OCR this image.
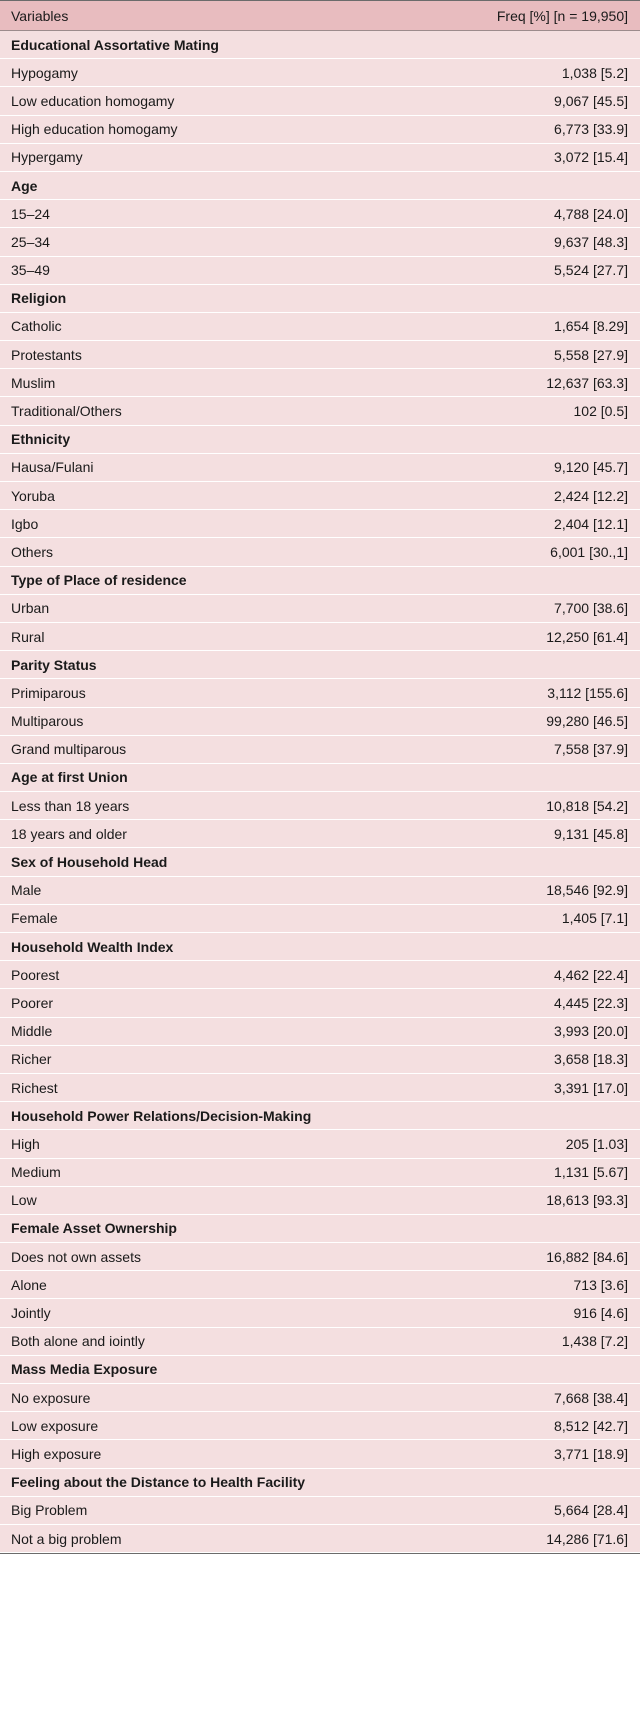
Variables	Freq [%] [n = 19,950]
Educational Assortative Mating
Hypogamy	1,038 [5.2]
Low education homogamy	9,067 [45.5]
High education homogamy	6,773 [33.9]
Hypergamy	3,072 [15.4]
Age
15–24	4,788 [24.0]
25–34	9,637 [48.3]
35–49	5,524 [27.7]
Religion
Catholic	1,654 [8.29]
Protestants	5,558 [27.9]
Muslim	12,637 [63.3]
Traditional/Others	102 [0.5]
Ethnicity
Hausa/Fulani	9,120 [45.7]
Yoruba	2,424 [12.2]
Igbo	2,404 [12.1]
Others	6,001 [30.,1]
Type of Place of residence
Urban	7,700 [38.6]
Rural	12,250 [61.4]
Parity Status
Primiparous	3,112 [155.6]
Multiparous	99,280 [46.5]
Grand multiparous	7,558 [37.9]
Age at first Union
Less than 18 years	10,818 [54.2]
18 years and older	9,131 [45.8]
Sex of Household Head
Male	18,546 [92.9]
Female	1,405 [7.1]
Household Wealth Index
Poorest	4,462 [22.4]
Poorer	4,445 [22.3]
Middle	3,993 [20.0]
Richer	3,658 [18.3]
Richest	3,391 [17.0]
Household Power Relations/Decision-Making
High	205 [1.03]
Medium	1,131 [5.67]
Low	18,613 [93.3]
Female Asset Ownership
Does not own assets	16,882 [84.6]
Alone	713 [3.6]
Jointly	916 [4.6]
Both alone and iointly	1,438 [7.2]
Mass Media Exposure
No exposure	7,668 [38.4]
Low exposure	8,512 [42.7]
High exposure	3,771 [18.9]
Feeling about the Distance to Health Facility
Big Problem	5,664 [28.4]
Not a big problem	14,286 [71.6]
